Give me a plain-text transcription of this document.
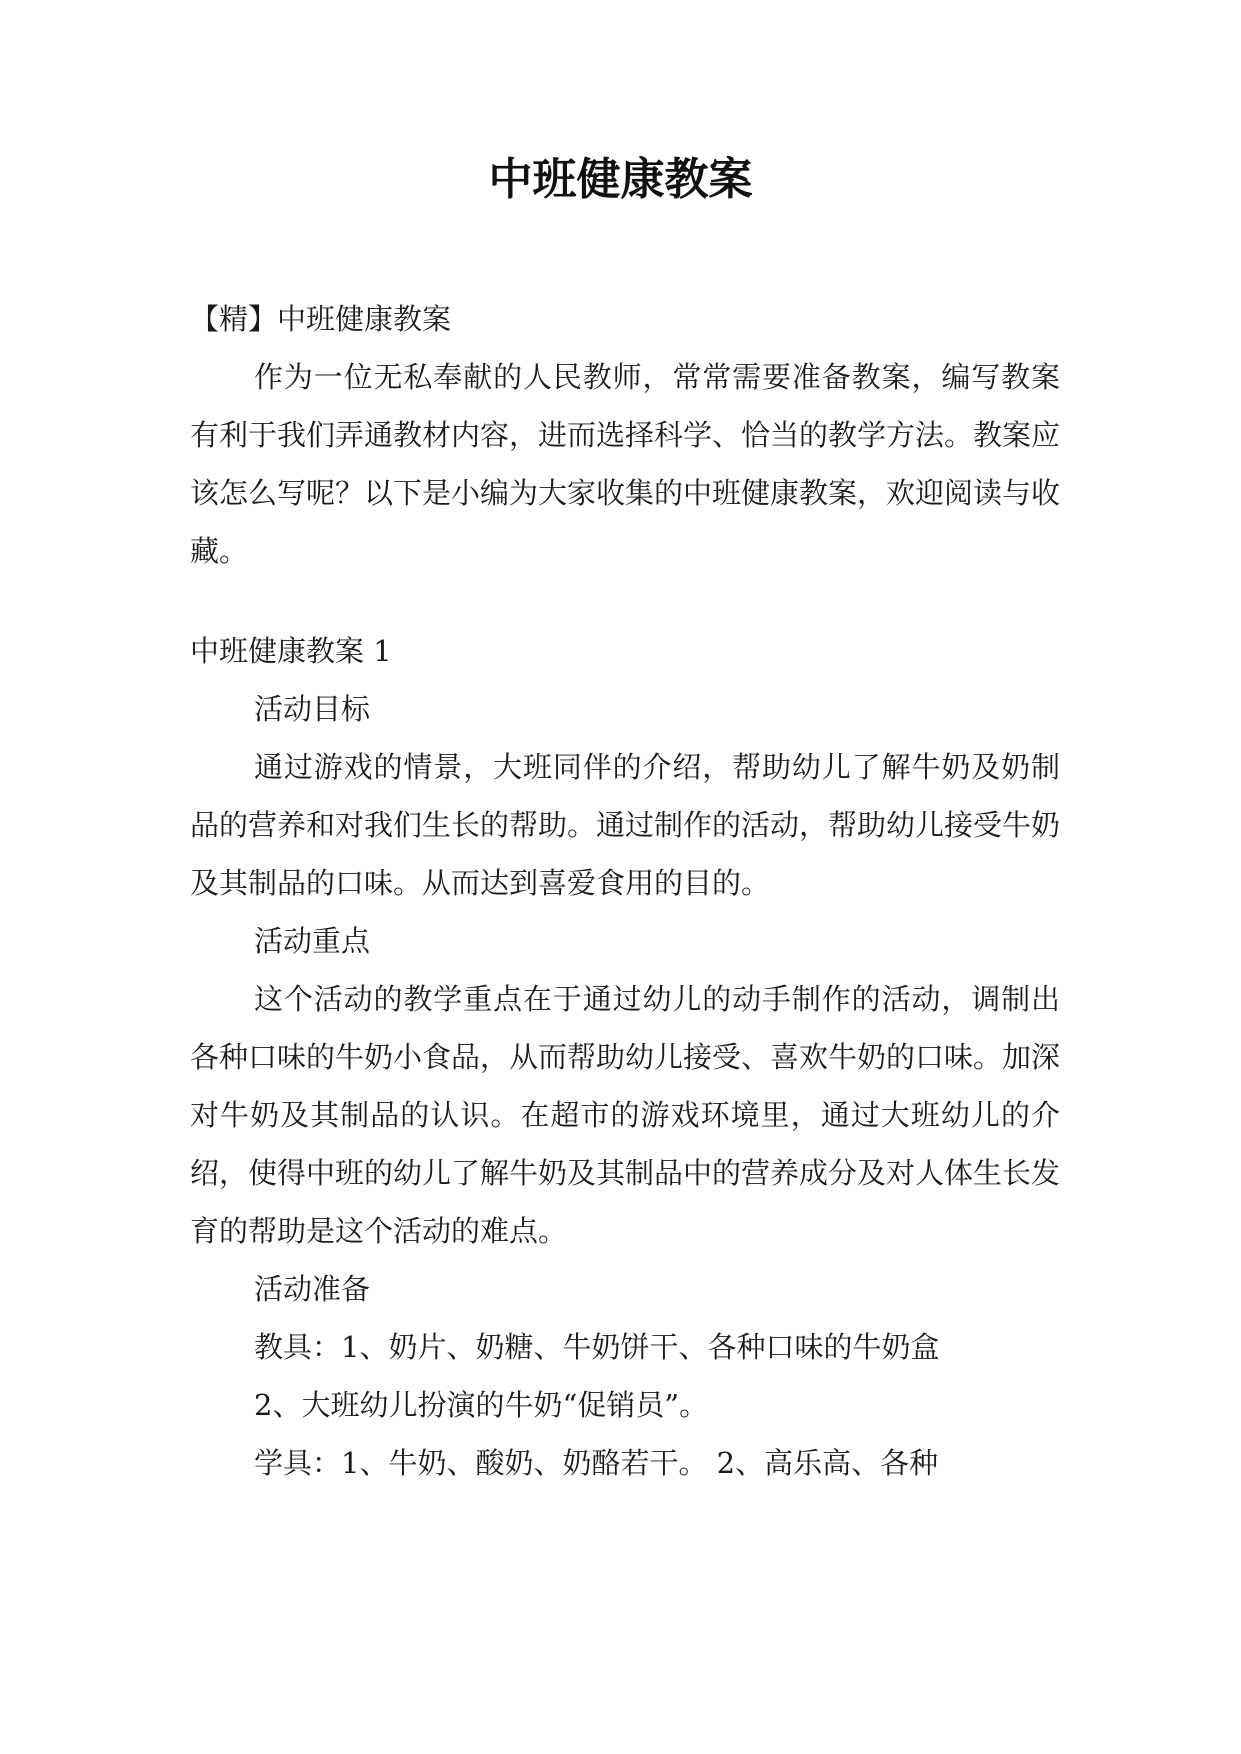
中班健康教案

【精】中班健康教案

作为一位无私奉献的人民教师，常常需要准备教案，编写教案有利于我们弄通教材内容，进而选择科学、恰当的教学方法。教案应该怎么写呢？以下是小编为大家收集的中班健康教案，欢迎阅读与收藏。

中班健康教案 1

活动目标

通过游戏的情景，大班同伴的介绍，帮助幼儿了解牛奶及奶制品的营养和对我们生长的帮助。通过制作的活动，帮助幼儿接受牛奶及其制品的口味。从而达到喜爱食用的目的。

活动重点

这个活动的教学重点在于通过幼儿的动手制作的活动，调制出各种口味的牛奶小食品，从而帮助幼儿接受、喜欢牛奶的口味。加深对牛奶及其制品的认识。在超市的游戏环境里，通过大班幼儿的介绍，使得中班的幼儿了解牛奶及其制品中的营养成分及对人体生长发育的帮助是这个活动的难点。

活动准备

教具：1、奶片、奶糖、牛奶饼干、各种口味的牛奶盒

2、大班幼儿扮演的牛奶“促销员”。

学具：1、牛奶、酸奶、奶酪若干。 2、高乐高、各种
